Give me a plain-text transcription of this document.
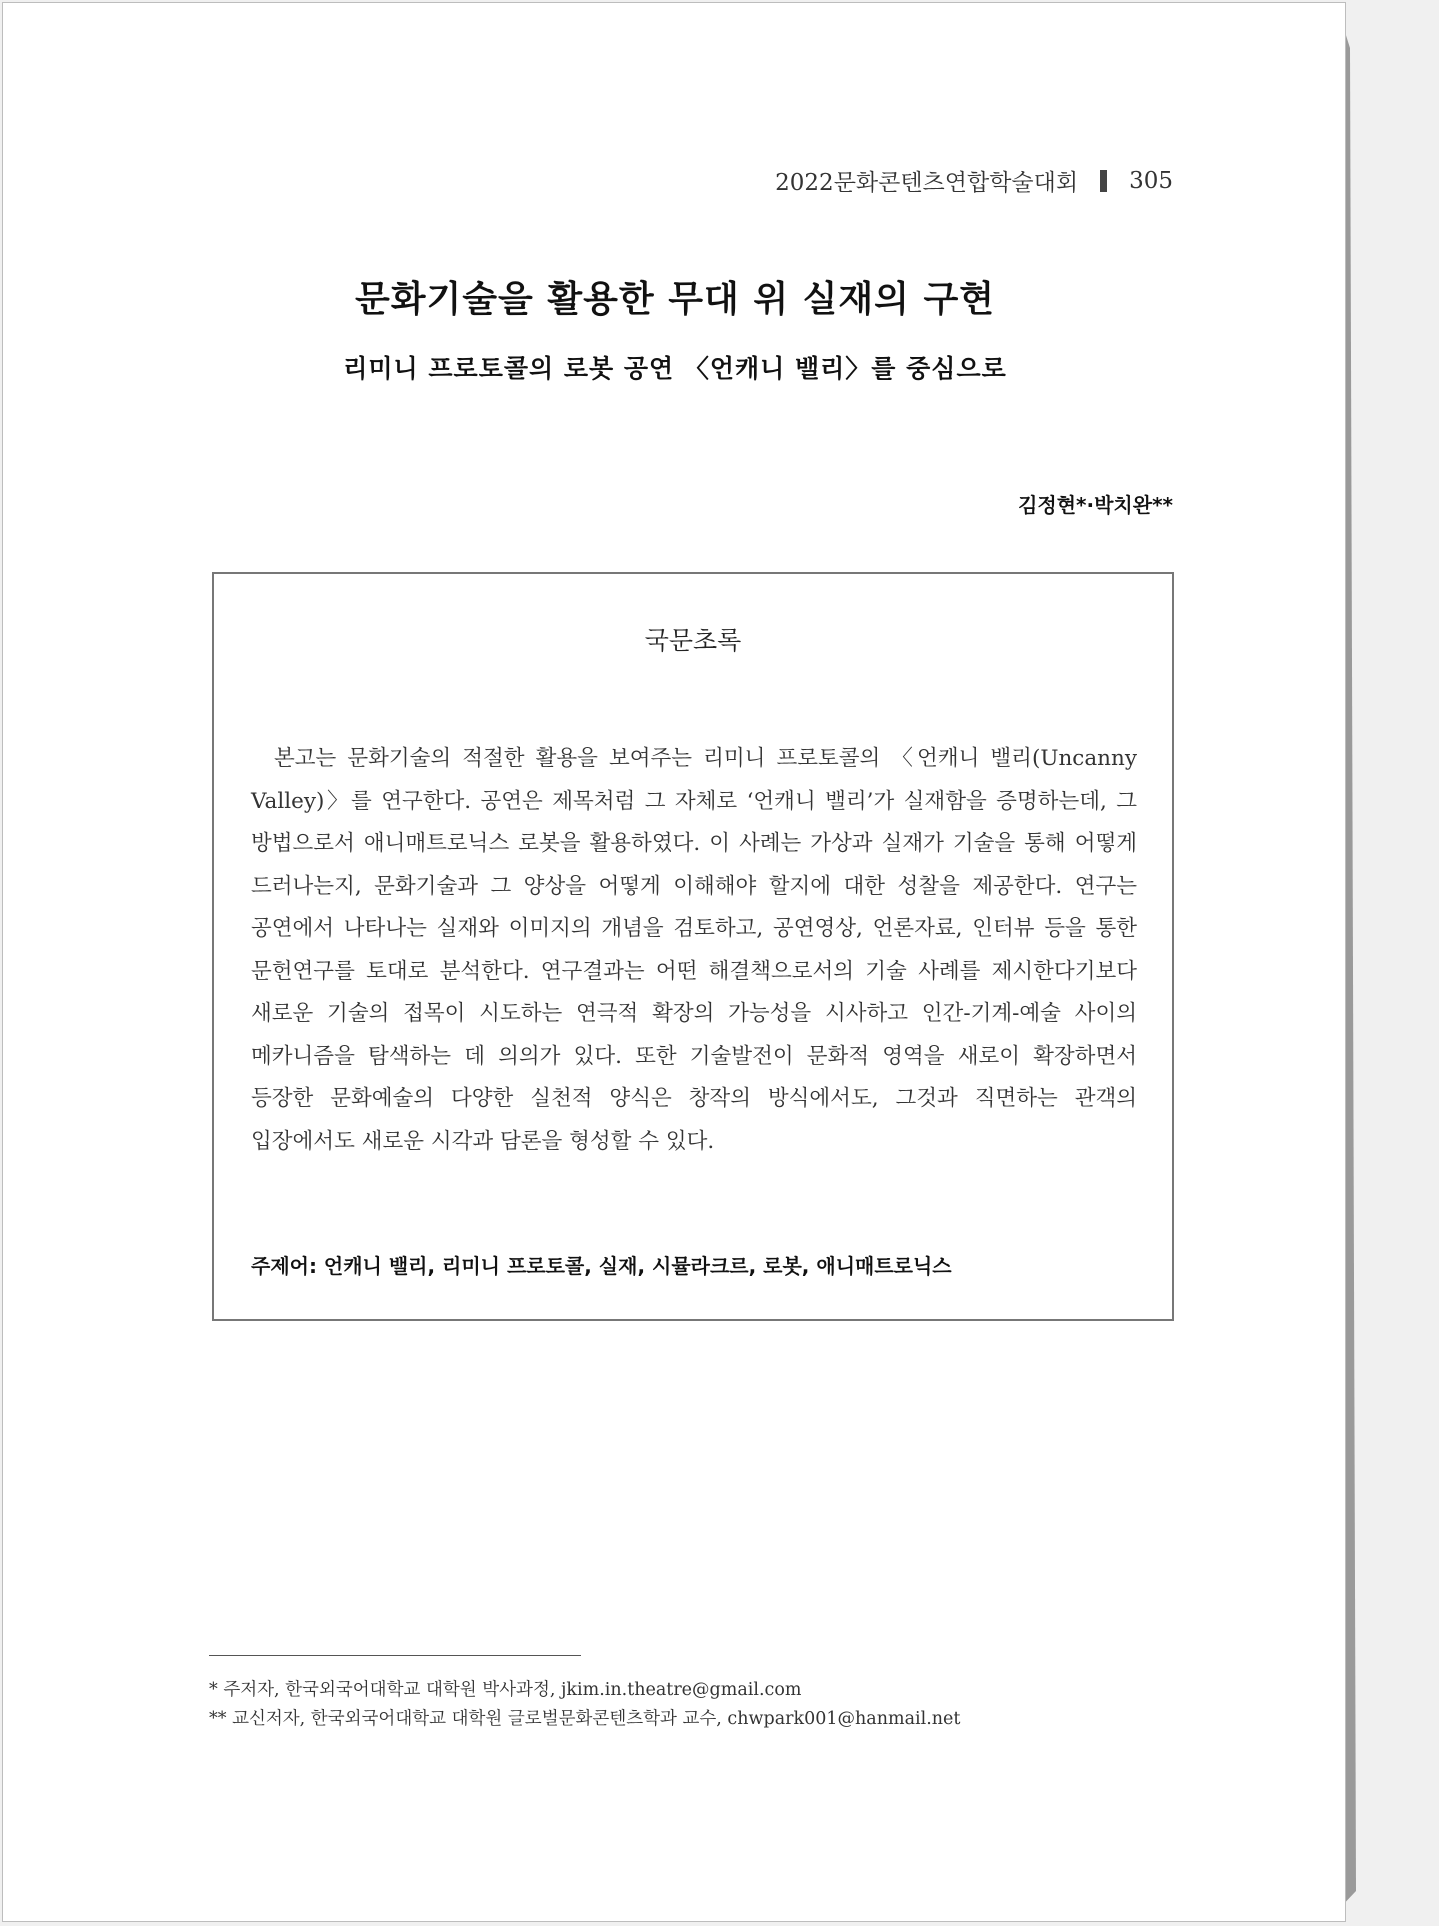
2022문화콘텐츠연합학술대회 305
문화기술을 활용한 무대 위 실재의 구현
리미니 프로토콜의 로봇 공연 〈언캐니 밸리〉를 중심으로
김정현*·박치완**
국문초록

본고는 문화기술의 적절한 활용을 보여주는 리미니 프로토콜의 〈언캐니 밸리(Uncanny Valley)〉를 연구한다. 공연은 제목처럼 그 자체로 ‘언캐니 밸리’가 실재함을 증명하는데, 그 방법으로서 애니매트로닉스 로봇을 활용하였다. 이 사례는 가상과 실재가 기술을 통해 어떻게 드러나는지, 문화기술과 그 양상을 어떻게 이해해야 할지에 대한 성찰을 제공한다. 연구는 공연에서 나타나는 실재와 이미지의 개념을 검토하고, 공연영상, 언론자료, 인터뷰 등을 통한 문헌연구를 토대로 분석한다. 연구결과는 어떤 해결책으로서의 기술 사례를 제시한다기보다 새로운 기술의 접목이 시도하는 연극적 확장의 가능성을 시사하고 인간-기계-예술 사이의 메카니즘을 탐색하는 데 의의가 있다. 또한 기술발전이 문화적 영역을 새로이 확장하면서 등장한 문화예술의 다양한 실천적 양식은 창작의 방식에서도, 그것과 직면하는 관객의 입장에서도 새로운 시각과 담론을 형성할 수 있다.

주제어: 언캐니 밸리, 리미니 프로토콜, 실재, 시뮬라크르, 로봇, 애니매트로닉스
* 주저자, 한국외국어대학교 대학원 박사과정, jkim.in.theatre@gmail.com
** 교신저자, 한국외국어대학교 대학원 글로벌문화콘텐츠학과 교수, chwpark001@hanmail.net
